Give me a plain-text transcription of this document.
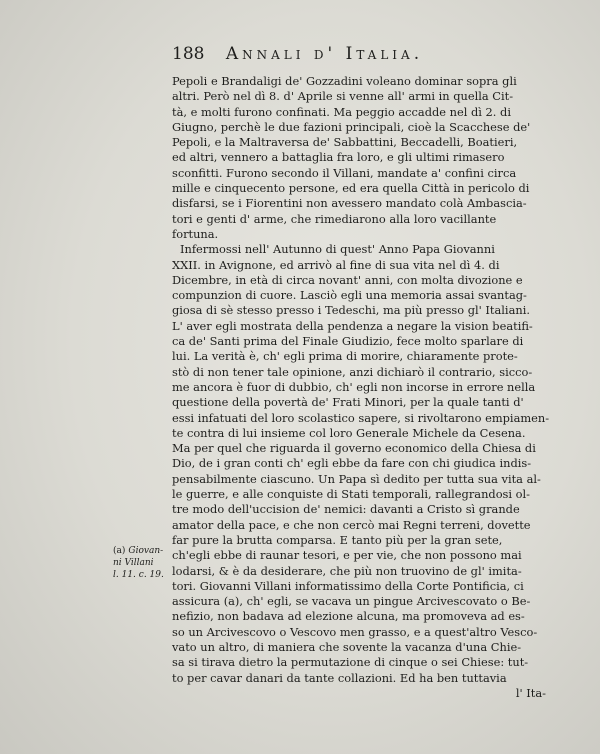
188 Annali d' Italia.
Pepoli e Brandaligi de' Gozzadini voleano dominar sopra gli
altri. Però nel dì 8. d' Aprile si venne all' armi in quella Cit-
tà, e molti furono confinati. Ma peggio accadde nel dì 2. di
Giugno, perchè le due fazioni principali, cioè la Scacchese de'
Pepoli, e la Maltraversa de' Sabbattini, Beccadelli, Boatieri,
ed altri, vennero a battaglia fra loro, e gli ultimi rimasero
sconfitti. Furono secondo il Villani, mandate a' confini circa
mille e cinquecento persone, ed era quella Città in pericolo di
disfarsi, se i Fiorentini non avessero mandato colà Ambascia-
tori e genti d' arme, che rimediarono alla loro vacillante
fortuna.
Infermossi nell' Autunno di quest' Anno Papa Giovanni
XXII. in Avignone, ed arrivò al fine di sua vita nel dì 4. di
Dicembre, in età di circa novant' anni, con molta divozione e
compunzion di cuore. Lasciò egli una memoria assai svantag-
giosa di sè stesso presso i Tedeschi, ma più presso gl' Italiani.
L' aver egli mostrata della pendenza a negare la vision beatifi-
ca de' Santi prima del Finale Giudizio, fece molto sparlare di
lui. La verità è, ch' egli prima di morire, chiaramente prote-
stò di non tener tale opinione, anzi dichiarò il contrario, sicco-
me ancora è fuor di dubbio, ch' egli non incorse in errore nella
questione della povertà de' Frati Minori, per la quale tanti d'
essi infatuati del loro scolastico sapere, si rivoltarono empiamen-
te contra di lui insieme col loro Generale Michele da Cesena.
Ma per quel che riguarda il governo economico della Chiesa di
Dio, de i gran conti ch' egli ebbe da fare con chi giudica indis-
pensabilmente ciascuno. Un Papa sì dedito per tutta sua vita al-
le guerre, e alle conquiste di Stati temporali, rallegrandosi ol-
tre modo dell'uccision de' nemici: davanti a Cristo sì grande
amator della pace, e che non cercò mai Regni terreni, dovette
far pure la brutta comparsa. E tanto più per la gran sete,
ch'egli ebbe di raunar tesori, e per vie, che non possono mai
lodarsi, & è da desiderare, che più non truovino de gl' imita-
tori. Giovanni Villani informatissimo della Corte Pontificia, ci
assicura (a), ch' egli, se vacava un pingue Arcivescovato o Be-
nefizio, non badava ad elezione alcuna, ma promoveva ad es-
so un Arcivescovo o Vescovo men grasso, e a quest'altro Vesco-
vato un altro, di maniera che sovente la vacanza d'una Chie-
sa si tirava dietro la permutazione di cinque o sei Chiese: tut-
to per cavar danari da tante collazioni. Ed ha ben tuttavia
l' Ita-
(a) Giovan-

ni Villani
l. 11. c. 19.
